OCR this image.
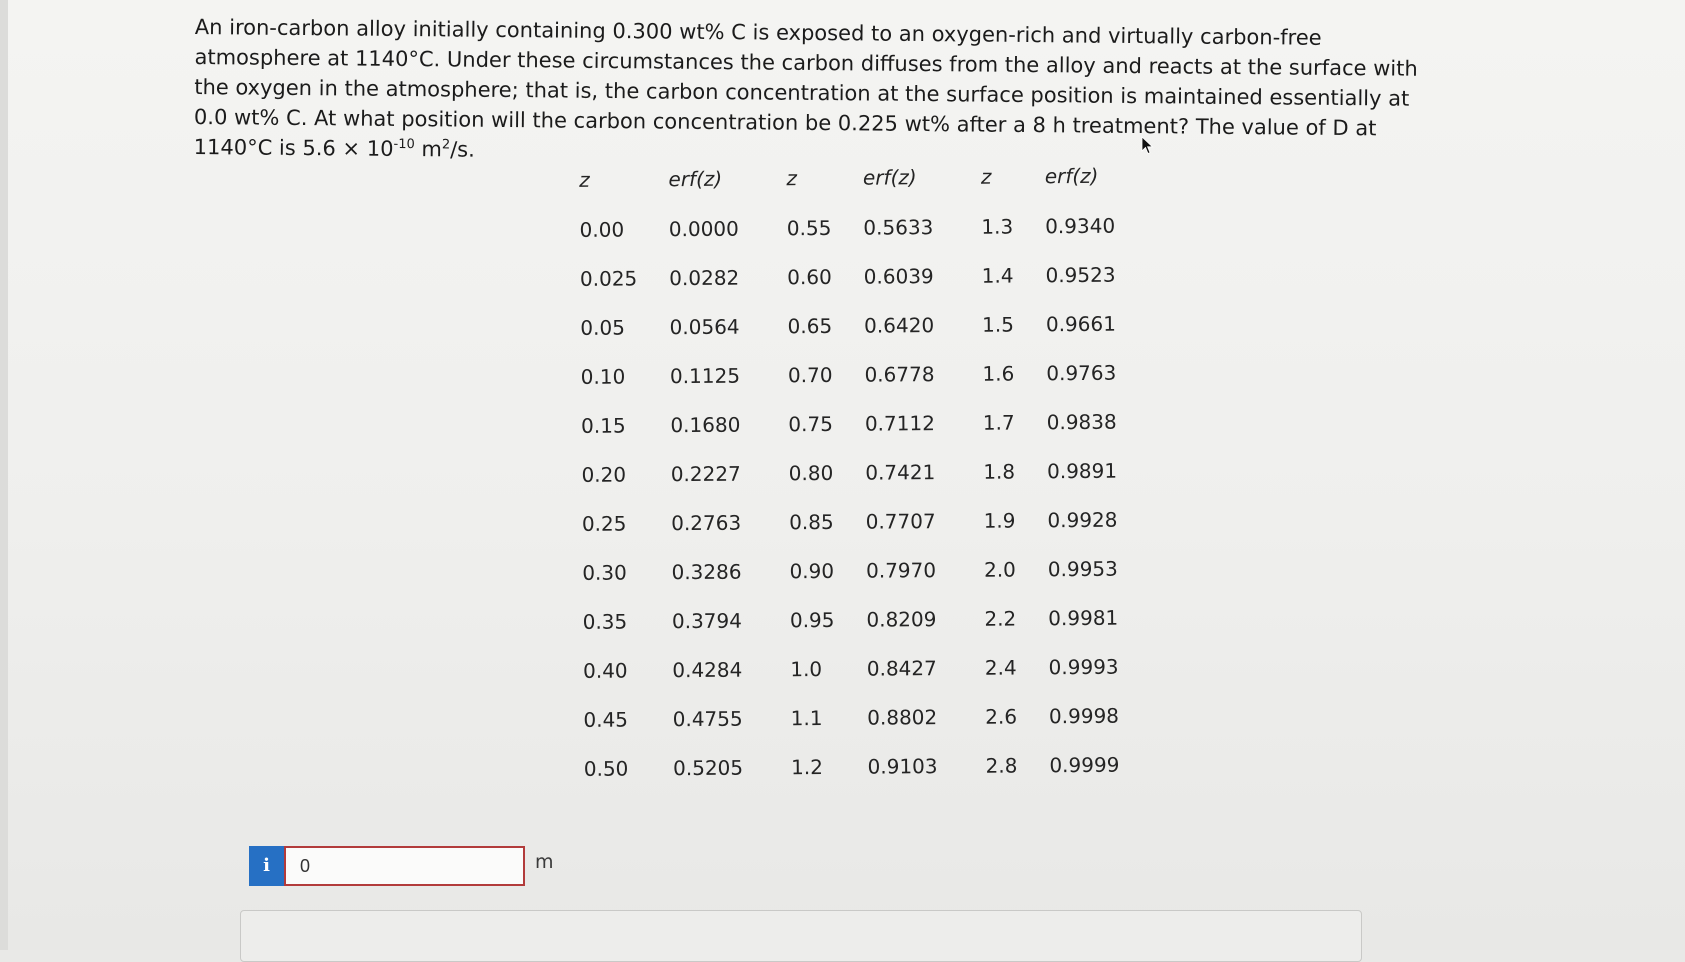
An iron-carbon alloy initially containing 0.300 wt% C is exposed to an oxygen-rich and virtually carbon-free atmosphere at 1140°C. Under these circumstances the carbon diffuses from the alloy and reacts at the surface with the oxygen in the atmosphere; that is, the carbon concentration at the surface position is maintained essentially at 0.0 wt% C. At what position will the carbon concentration be 0.225 wt% after a 8 h treatment? The value of D at 1140°C is $5.6 \times 10^{-10}$ $m^2/s$.

z	erf(z)	z	erf(z)	z	erf(z)
0.00	0.0000	0.55	0.5633	1.3	0.9340
0.025	0.0282	0.60	0.6039	1.4	0.9523
0.05	0.0564	0.65	0.6420	1.5	0.9661
0.10	0.1125	0.70	0.6778	1.6	0.9763
0.15	0.1680	0.75	0.7112	1.7	0.9838
0.20	0.2227	0.80	0.7421	1.8	0.9891
0.25	0.2763	0.85	0.7707	1.9	0.9928
0.30	0.3286	0.90	0.7970	2.0	0.9953
0.35	0.3794	0.95	0.8209	2.2	0.9981
0.40	0.4284	1.0	0.8427	2.4	0.9993
0.45	0.4755	1.1	0.8802	2.6	0.9998
0.50	0.5205	1.2	0.9103	2.8	0.9999
i
0	m
